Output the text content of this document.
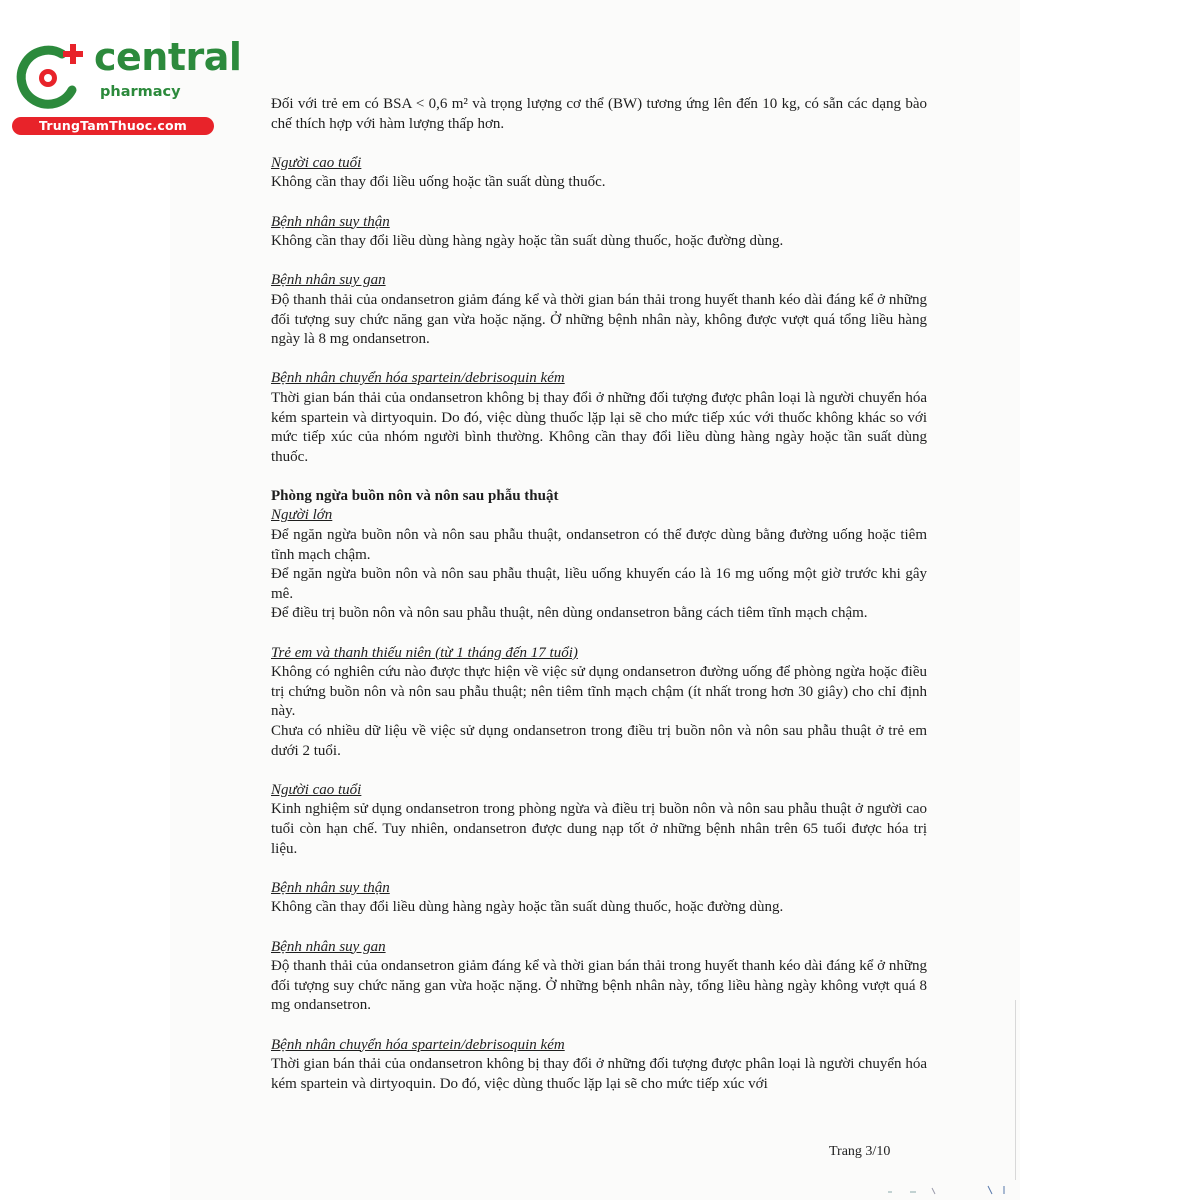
central
pharmacy
TrungTamThuoc.com
Đối với trẻ em có BSA < 0,6 m² và trọng lượng cơ thể (BW) tương ứng lên đến 10 kg, có sẵn các dạng bào chế thích hợp với hàm lượng thấp hơn.
Người cao tuổi
Không cần thay đổi liều uống hoặc tần suất dùng thuốc.
Bệnh nhân suy thận
Không cần thay đổi liều dùng hàng ngày hoặc tần suất dùng thuốc, hoặc đường dùng.
Bệnh nhân suy gan
Độ thanh thải của ondansetron giảm đáng kể và thời gian bán thải trong huyết thanh kéo dài đáng kể ở những đối tượng suy chức năng gan vừa hoặc nặng. Ở những bệnh nhân này, không được vượt quá tổng liều hàng ngày là 8 mg ondansetron.
Bệnh nhân chuyển hóa spartein/debrisoquin kém
Thời gian bán thải của ondansetron không bị thay đổi ở những đối tượng được phân loại là người chuyển hóa kém spartein và dirtyoquin. Do đó, việc dùng thuốc lặp lại sẽ cho mức tiếp xúc với thuốc không khác so với mức tiếp xúc của nhóm người bình thường. Không cần thay đổi liều dùng hàng ngày hoặc tần suất dùng thuốc.
Phòng ngừa buồn nôn và nôn sau phẫu thuật
Người lớn
Để ngăn ngừa buồn nôn và nôn sau phẫu thuật, ondansetron có thể được dùng bằng đường uống hoặc tiêm tĩnh mạch chậm.
Để ngăn ngừa buồn nôn và nôn sau phẫu thuật, liều uống khuyến cáo là 16 mg uống một giờ trước khi gây mê.
Để điều trị buồn nôn và nôn sau phẫu thuật, nên dùng ondansetron bằng cách tiêm tĩnh mạch chậm.
Trẻ em và thanh thiếu niên (từ 1 tháng đến 17 tuổi)
Không có nghiên cứu nào được thực hiện về việc sử dụng ondansetron đường uống để phòng ngừa hoặc điều trị chứng buồn nôn và nôn sau phẫu thuật; nên tiêm tĩnh mạch chậm (ít nhất trong hơn 30 giây) cho chỉ định này.
Chưa có nhiều dữ liệu về việc sử dụng ondansetron trong điều trị buồn nôn và nôn sau phẫu thuật ở trẻ em dưới 2 tuổi.
Người cao tuổi
Kinh nghiệm sử dụng ondansetron trong phòng ngừa và điều trị buồn nôn và nôn sau phẫu thuật ở người cao tuổi còn hạn chế. Tuy nhiên, ondansetron được dung nạp tốt ở những bệnh nhân trên 65 tuổi được hóa trị liệu.
Bệnh nhân suy thận
Không cần thay đổi liều dùng hàng ngày hoặc tần suất dùng thuốc, hoặc đường dùng.
Bệnh nhân suy gan
Độ thanh thải của ondansetron giảm đáng kể và thời gian bán thải trong huyết thanh kéo dài đáng kể ở những đối tượng suy chức năng gan vừa hoặc nặng. Ở những bệnh nhân này, tổng liều hàng ngày không vượt quá 8 mg ondansetron.
Bệnh nhân chuyển hóa spartein/debrisoquin kém
Thời gian bán thải của ondansetron không bị thay đổi ở những đối tượng được phân loại là người chuyển hóa kém spartein và dirtyoquin. Do đó, việc dùng thuốc lặp lại sẽ cho mức tiếp xúc với
Trang 3/10
